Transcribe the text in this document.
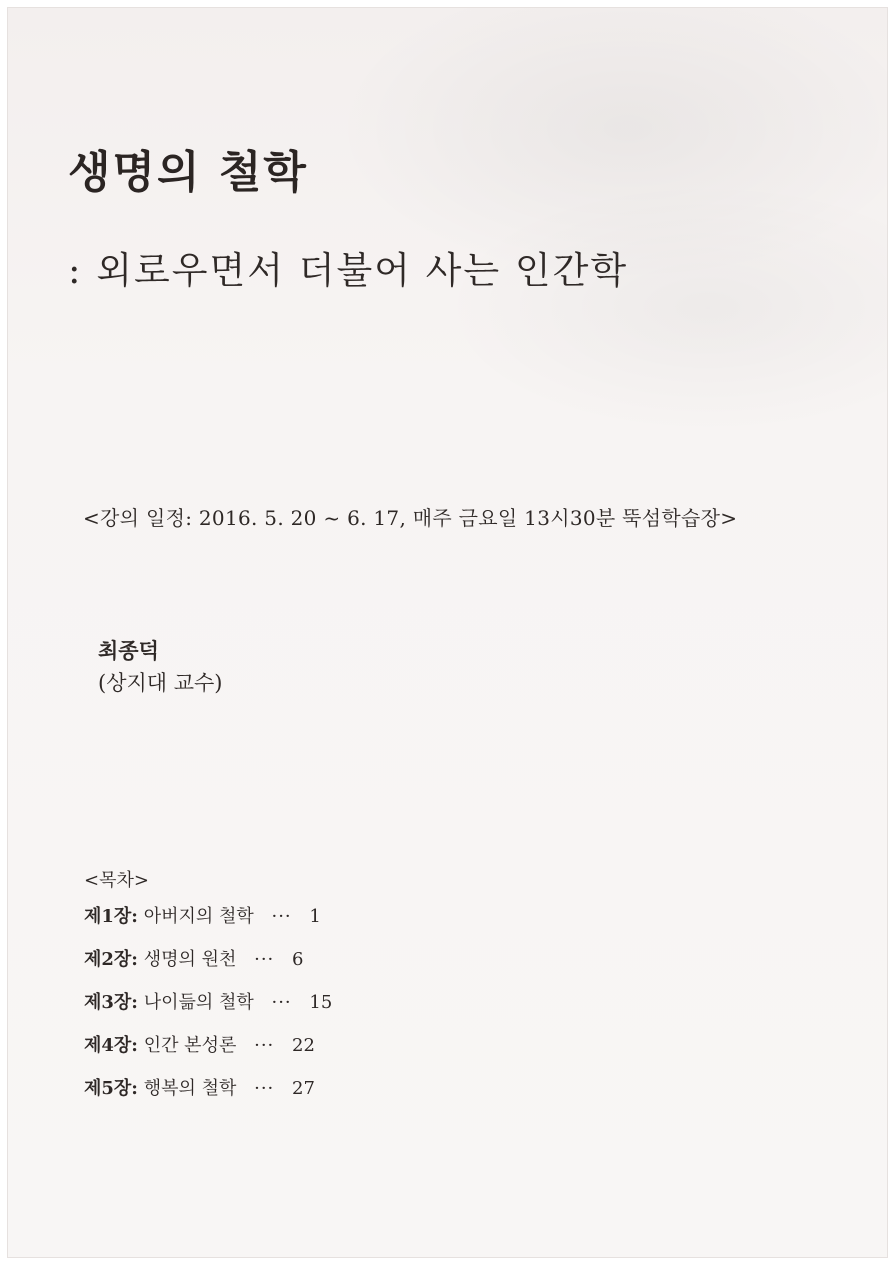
생명의 철학
: 외로우면서 더불어 사는 인간학
<강의 일정: 2016. 5. 20 ~ 6. 17, 매주 금요일 13시30분 뚝섬학습장>
최종덕
(상지대 교수)
<목차>
제1장: 아버지의 철학 ··· 1
제2장: 생명의 원천 ··· 6
제3장: 나이듦의 철학 ··· 15
제4장: 인간 본성론 ··· 22
제5장: 행복의 철학 ··· 27
